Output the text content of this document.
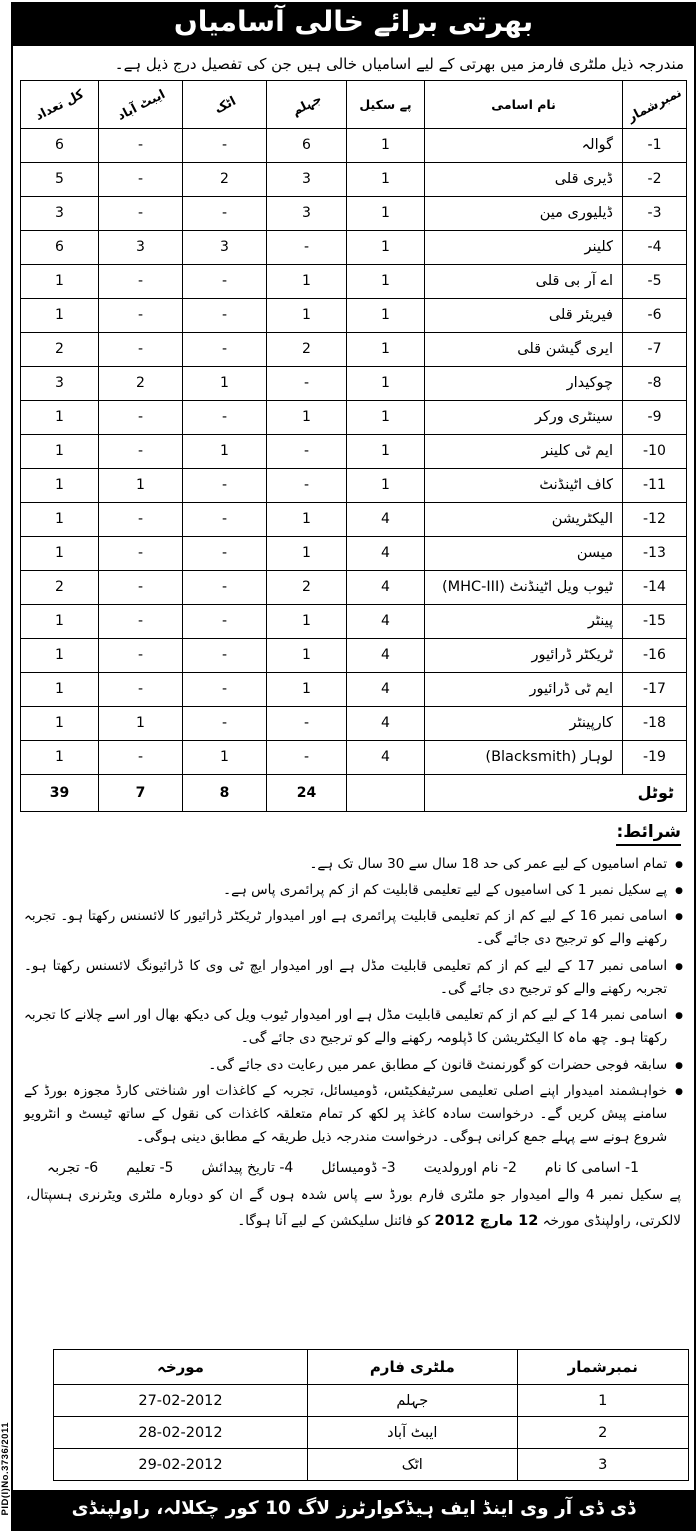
PID(I)No.3736/2011
بھرتی برائے خالی آسامیاں

مندرجہ ذیل ملٹری فارمز میں بھرتی کے لیے اسامیاں خالی ہیں جن کی تفصیل درج ذیل ہے۔

کل تعداد	ایبٹ آباد	اٹک	جہلم	پے سکیل	نام اسامی	نمبرشمار
6	-	-	6	1	گوالہ	1-
5	-	2	3	1	ڈیری قلی	2-
3	-	-	3	1	ڈیلیوری مین	3-
6	3	3	-	1	کلینر	4-
1	-	-	1	1	اے آر بی قلی	5-
1	-	-	1	1	فیریئر قلی	6-
2	-	-	2	1	ایری گیشن قلی	7-
3	2	1	-	1	چوکیدار	8-
1	-	-	1	1	سینٹری ورکر	9-
1	-	1	-	1	ایم ٹی کلینر	10-
1	1	-	-	1	کاف اٹینڈنٹ	11-
1	-	-	1	4	الیکٹریشن	12-
1	-	-	1	4	میسن	13-
2	-	-	2	4	ٹیوب ویل اٹینڈنٹ (MHC-III)	14-
1	-	-	1	4	پینٹر	15-
1	-	-	1	4	ٹریکٹر ڈرائیور	16-
1	-	-	1	4	ایم ٹی ڈرائیور	17-
1	1	-	-	4	کارپینٹر	18-
1	-	1	-	4	لوہار (Blacksmith)	19-
39	7	8	24		ٹوٹل	
شرائط:
●
تمام اسامیوں کے لیے عمر کی حد 18 سال سے 30 سال تک ہے۔
●
پے سکیل نمبر 1 کی اسامیوں کے لیے تعلیمی قابلیت کم از کم پرائمری پاس ہے۔
●
اسامی نمبر 16 کے لیے کم از کم تعلیمی قابلیت پرائمری ہے اور امیدوار ٹریکٹر ڈرائیور کا لائسنس رکھتا ہو۔ تجربہ رکھنے والے کو ترجیح دی جائے گی۔
●
اسامی نمبر 17 کے لیے کم از کم تعلیمی قابلیت مڈل ہے اور امیدوار ایچ ٹی وی کا ڈرائیونگ لائسنس رکھتا ہو۔ تجربہ رکھنے والے کو ترجیح دی جائے گی۔
●
اسامی نمبر 14 کے لیے کم از کم تعلیمی قابلیت مڈل ہے اور امیدوار ٹیوب ویل کی دیکھ بھال اور اسے چلانے کا تجربہ رکھتا ہو۔ چھ ماہ کا الیکٹریشن کا ڈپلومہ رکھنے والے کو ترجیح دی جائے گی۔
●
سابقہ فوجی حضرات کو گورنمنٹ قانون کے مطابق عمر میں رعایت دی جائے گی۔
●
خواہشمند امیدوار اپنے اصلی تعلیمی سرٹیفکیٹس، ڈومیسائل، تجربہ کے کاغذات اور شناختی کارڈ مجوزہ بورڈ کے سامنے پیش کریں گے۔ درخواست سادہ کاغذ پر لکھ کر تمام متعلقہ کاغذات کی نقول کے ساتھ ٹیسٹ و انٹرویو شروع ہونے سے پہلے جمع کرانی ہوگی۔ درخواست مندرجہ ذیل طریقہ کے مطابق دینی ہوگی۔
1- اسامی کا نام
2- نام اورولدیت
3- ڈومیسائل
4- تاریخ پیدائش
5- تعلیم
6- تجربہ

پے سکیل نمبر 4 والے امیدوار جو ملٹری فارم بورڈ سے پاس شدہ ہوں گے ان کو دوبارہ ملٹری ویٹرنری ہسپتال، لالکرتی، راولپنڈی مورخہ 12 مارچ 2012 کو فائنل سلیکشن کے لیے آنا ہوگا۔

مورخہ	ملٹری فارم	نمبرشمار
27-02-2012	جہلم	1
28-02-2012	ایبٹ آباد	2
29-02-2012	اٹک	3
ڈی ڈی آر وی اینڈ ایف ہیڈکوارٹرز لاگ 10 کور چکلالہ، راولپنڈی
